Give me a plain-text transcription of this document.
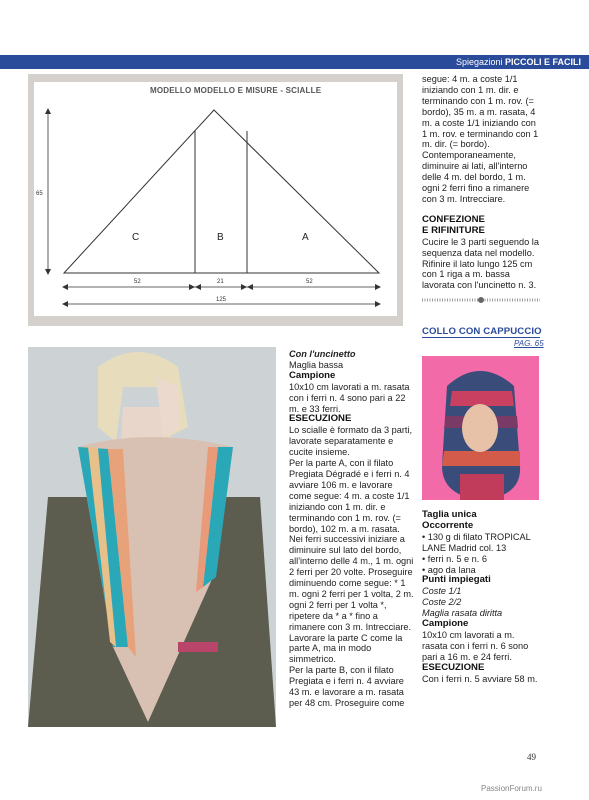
Spiegazioni PICCOLI E FACILI
65
C	B	A
52	21	52
125
MODELLO MODELLO E MISURE - SCIALLE

Con l'uncinetto

Maglia bassa

Campione

10x10 cm lavorati a m. rasata con i ferri n. 4 sono pari a 22 m. e 33 ferri.

ESECUZIONE

Lo scialle è formato da 3 parti, lavorate separatamente e cucite insieme.

Per la parte A, con il filato Pregiata Dégradé e i ferri n. 4 avviare 106 m. e lavorare come segue: 4 m. a coste 1/1 iniziando con 1 m. dir. e terminando con 1 m. rov. (= bordo), 102 m. a m. rasata. Nei ferri successivi iniziare a diminuire sul lato del bordo, all'interno delle 4 m., 1 m. ogni 2 ferri per 20 volte. Proseguire diminuendo come segue: * 1 m. ogni 2 ferri per 1 volta, 2 m. ogni 2 ferri per 1 volta *, ripetere da * a * fino a rimanere con 3 m. Intrecciare.

Lavorare la parte C come la parte A, ma in modo simmetrico.

Per la parte B, con il filato Pregiata e i ferri n. 4 avviare 43 m. e lavorare a m. rasata per 48 cm. Proseguire come

segue: 4 m. a coste 1/1 iniziando con 1 m. dir. e terminando con 1 m. rov. (= bordo), 35 m. a m. rasata, 4 m. a coste 1/1 iniziando con 1 m. rov. e terminando con 1 m. dir. (= bordo). Contemporaneamente, diminuire ai lati, all'interno delle 4 m. del bordo, 1 m. ogni 2 ferri fino a rimanere con 3 m. Intrecciare.

CONFEZIONE

E RIFINITURE

Cucire le 3 parti seguendo la sequenza data nel modello. Rifinire il lato lungo 125 cm con 1 riga a m. bassa lavorata con l'uncinetto n. 3.

COLLO CON CAPPUCCIO
PAG. 65

Taglia unica

Occorrente

• 130 g di filato TROPICAL LANE Madrid col. 13

• ferri n. 5 e n. 6

• ago da lana

Punti impiegati

Coste 1/1

Coste 2/2

Maglia rasata diritta

Campione

10x10 cm lavorati a m. rasata con i ferri n. 6 sono pari a 16 m. e 24 ferri.

ESECUZIONE

Con i ferri n. 5 avviare 58 m.

49
PassionForum.ru
